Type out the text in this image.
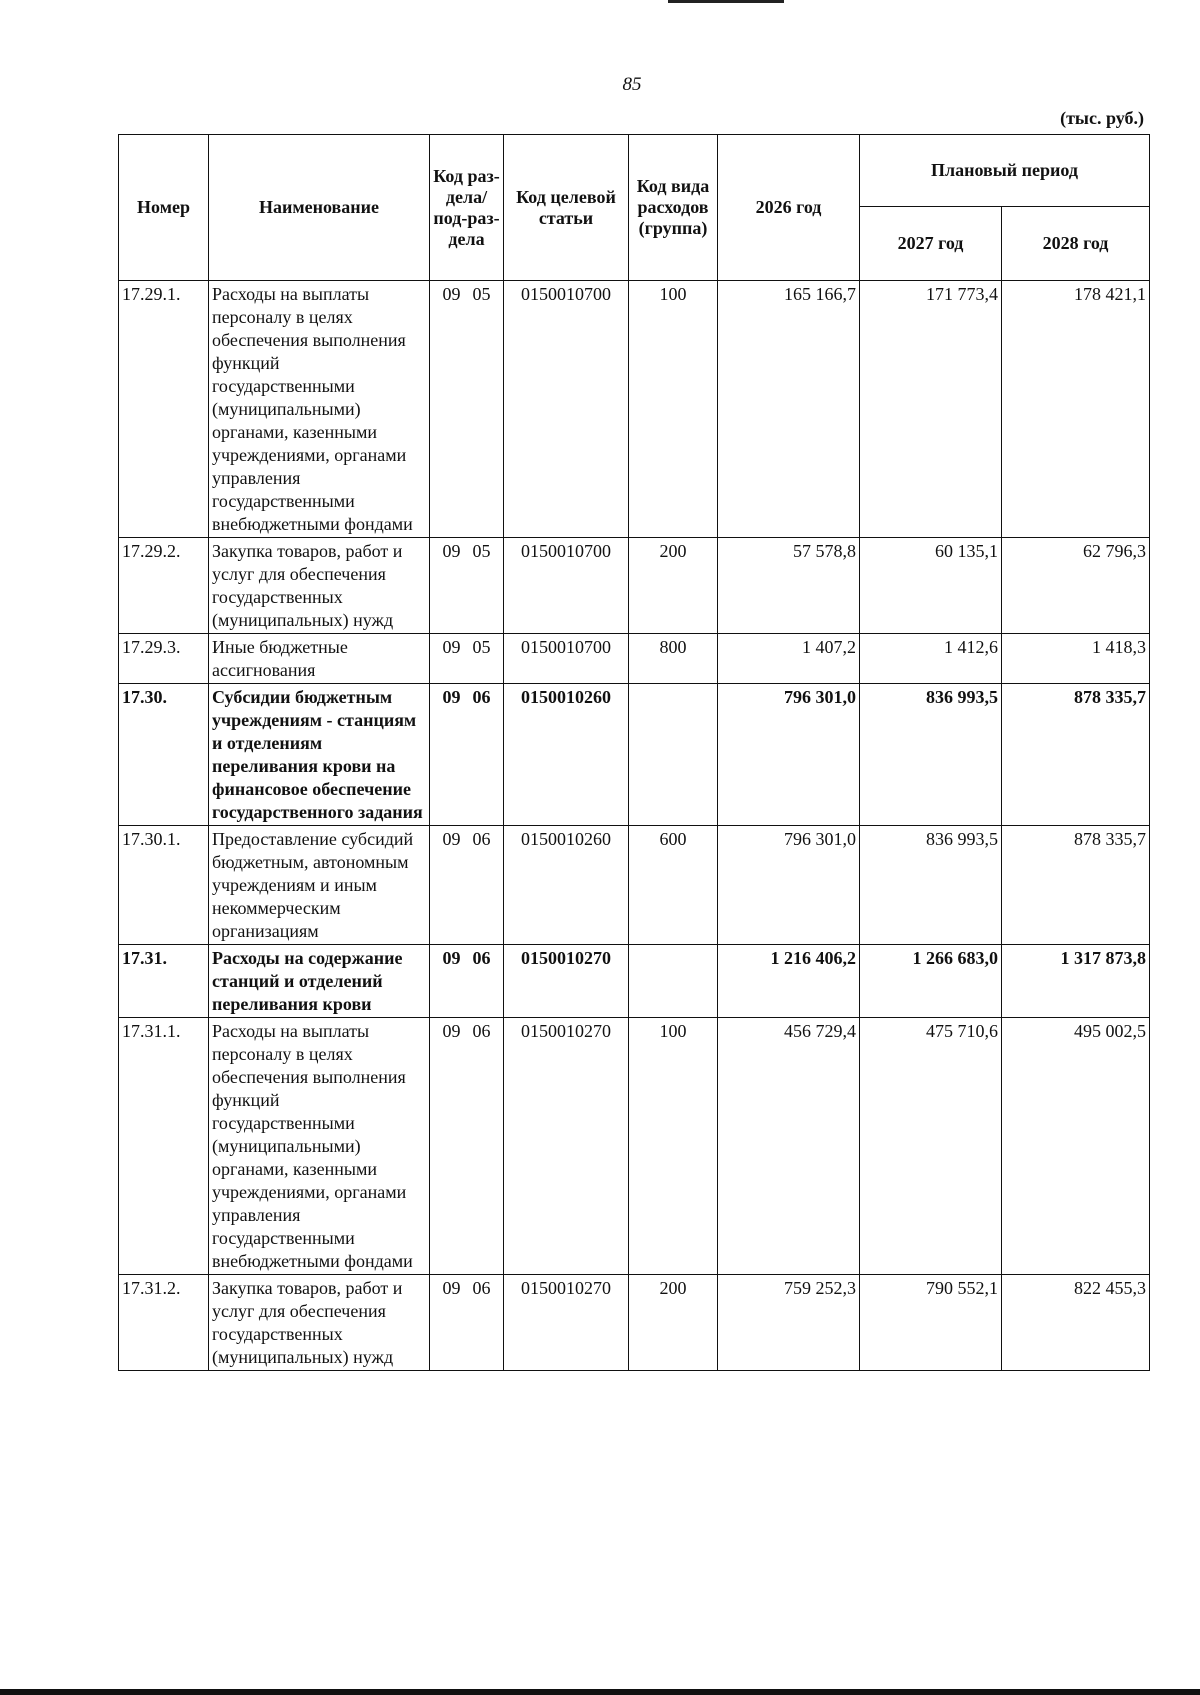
85
(тыс. руб.)
Номер	Наименование	Код раз-дела/ под-раз-дела	Код целевой статьи	Код вида расходов (группа)	2026 год	Плановый период	
						2027 год	2028 год
17.29.1.	Расходы на выплаты персоналу в целях обеспечения выполнения функций государственными (муниципальными) органами, казенными учреждениями, органами управления государственными внебюджетными фондами	09 05	0150010700	100	165 166,7	171 773,4	178 421,1
17.29.2.	Закупка товаров, работ и услуг для обеспечения государственных (муниципальных) нужд	09 05	0150010700	200	57 578,8	60 135,1	62 796,3
17.29.3.	Иные бюджетные ассигнования	09 05	0150010700	800	1 407,2	1 412,6	1 418,3
17.30.	Субсидии бюджетным учреждениям - станциям и отделениям переливания крови на финансовое обеспечение государственного задания	09 06	0150010260		796 301,0	836 993,5	878 335,7
17.30.1.	Предоставление субсидий бюджетным, автономным учреждениям и иным некоммерческим организациям	09 06	0150010260	600	796 301,0	836 993,5	878 335,7
17.31.	Расходы на содержание станций и отделений переливания крови	09 06	0150010270		1 216 406,2	1 266 683,0	1 317 873,8
17.31.1.	Расходы на выплаты персоналу в целях обеспечения выполнения функций государственными (муниципальными) органами, казенными учреждениями, органами управления государственными внебюджетными фондами	09 06	0150010270	100	456 729,4	475 710,6	495 002,5
17.31.2.	Закупка товаров, работ и услуг для обеспечения государственных (муниципальных) нужд	09 06	0150010270	200	759 252,3	790 552,1	822 455,3
